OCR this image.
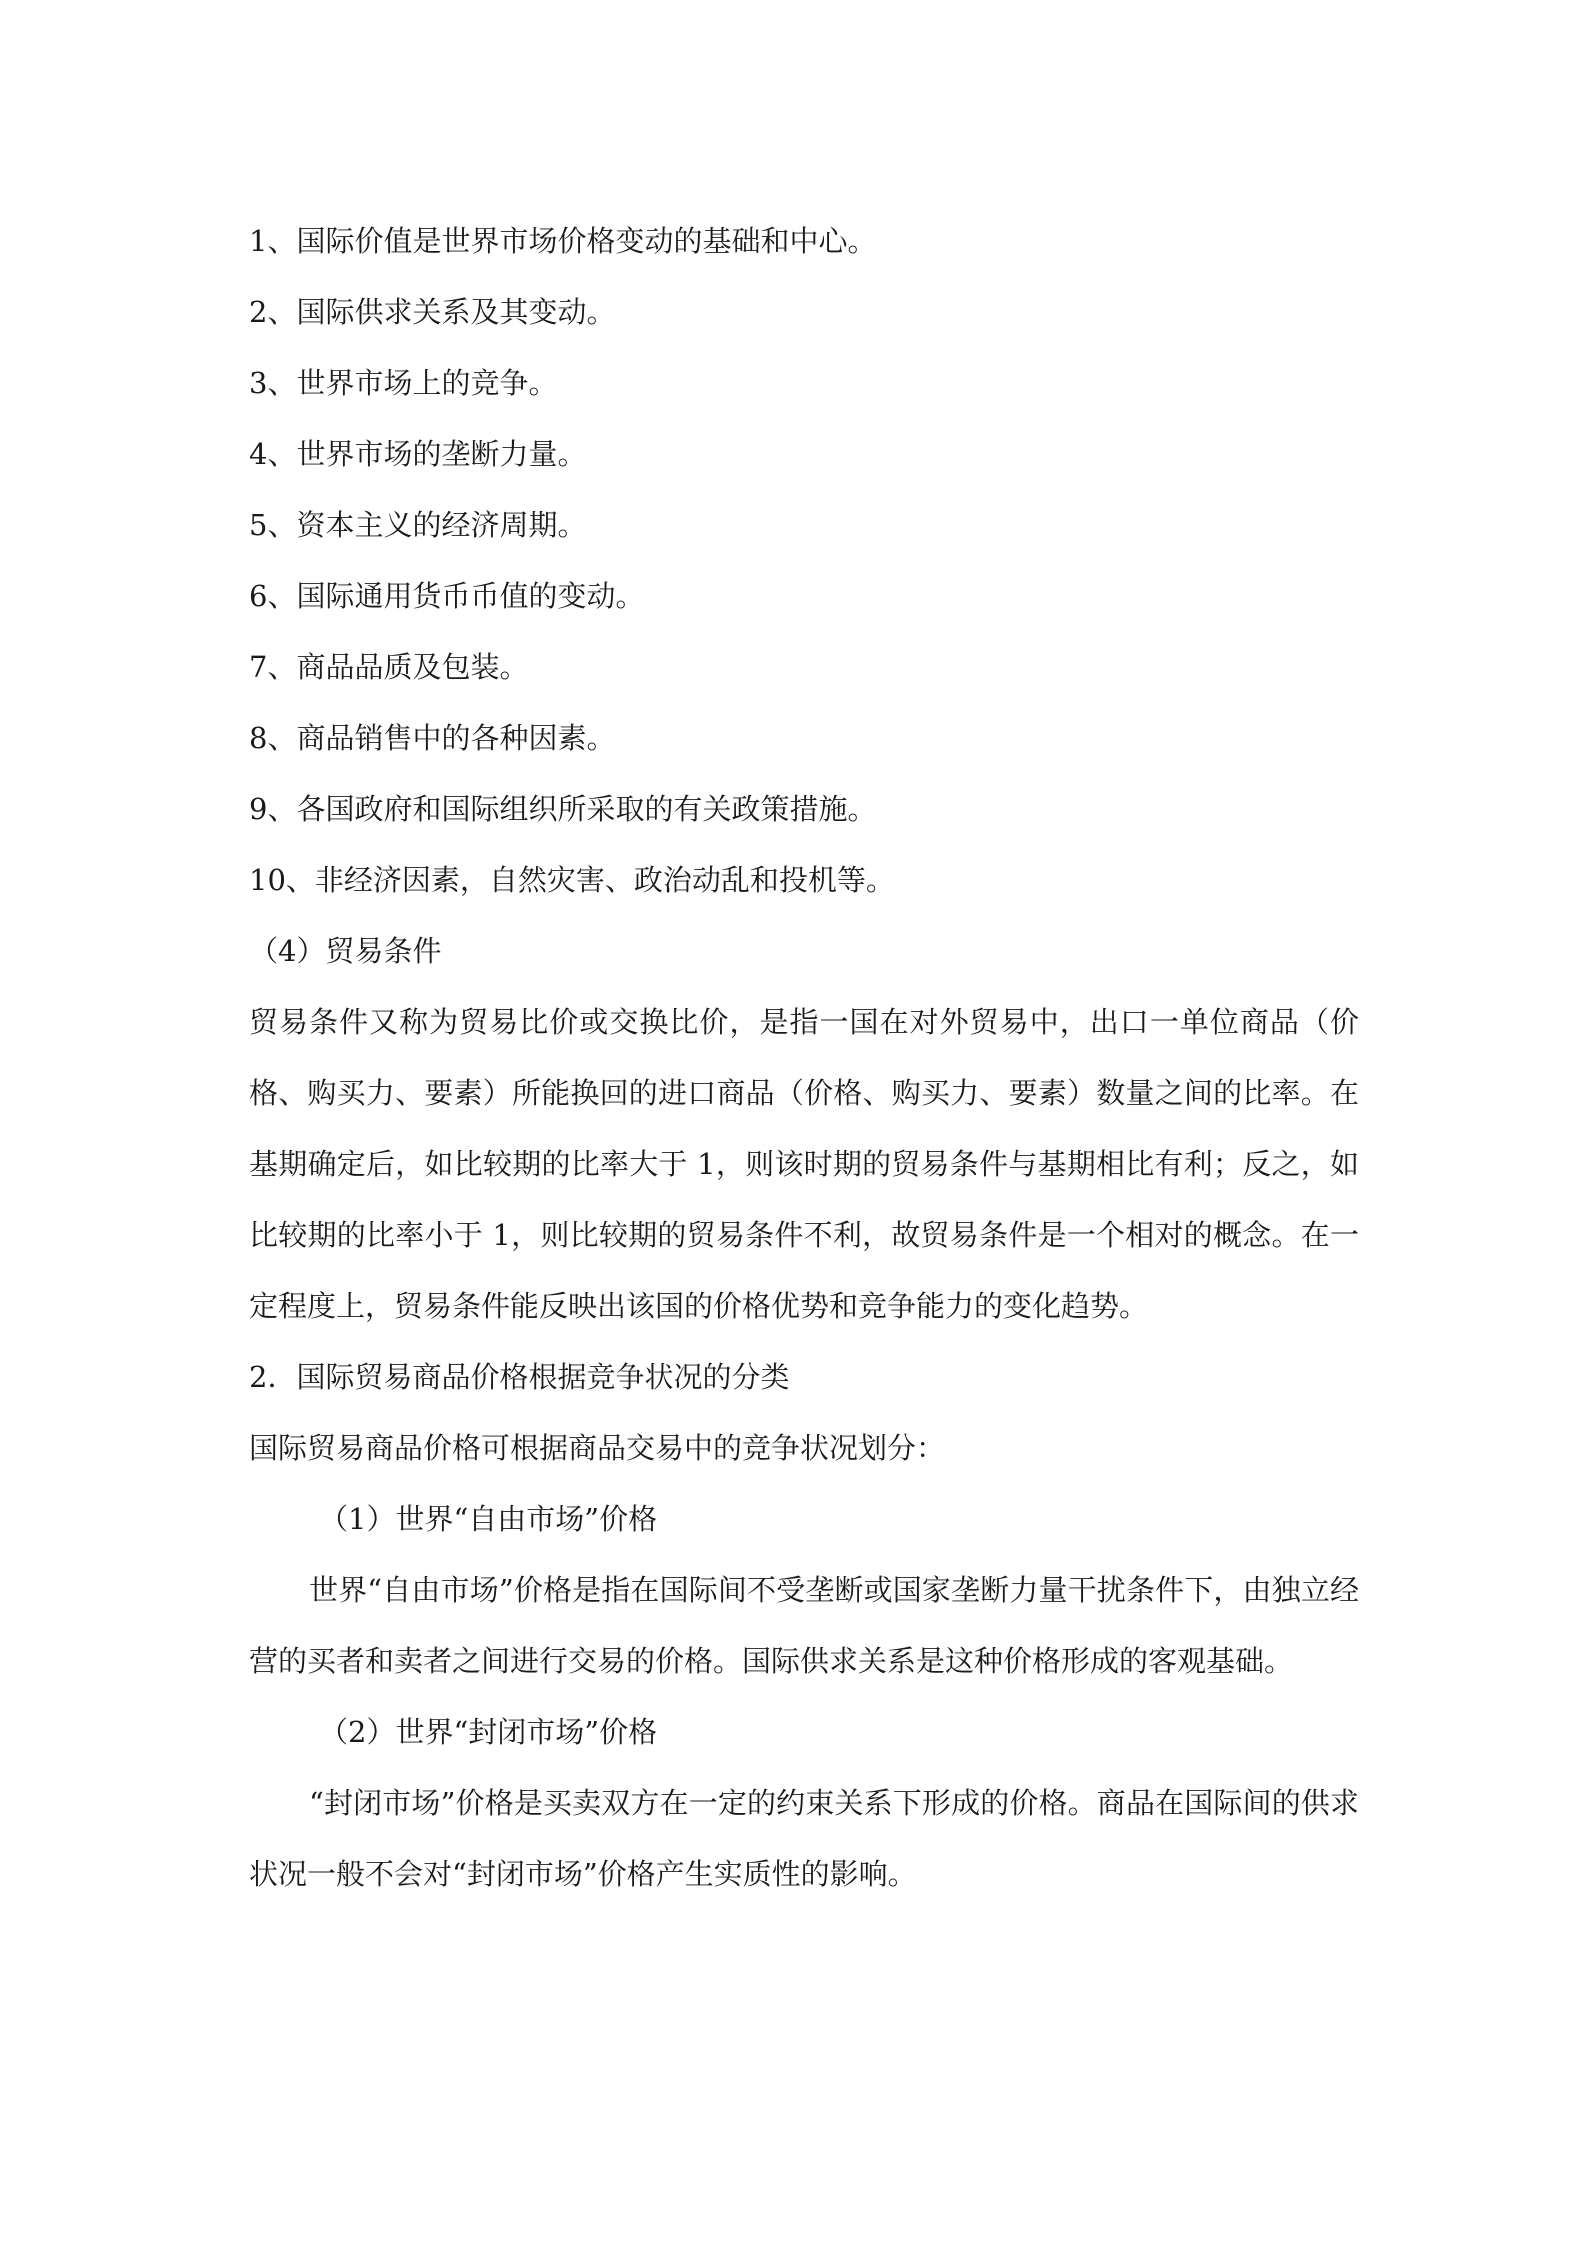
1、国际价值是世界市场价格变动的基础和中心。

2、国际供求关系及其变动。

3、世界市场上的竞争。

4、世界市场的垄断力量。

5、资本主义的经济周期。

6、国际通用货币币值的变动。

7、商品品质及包装。

8、商品销售中的各种因素。

9、各国政府和国际组织所采取的有关政策措施。

10、非经济因素，自然灾害、政治动乱和投机等。

（4）贸易条件

贸易条件又称为贸易比价或交换比价，是指一国在对外贸易中，出口一单位商品（价格、购买力、要素）所能换回的进口商品（价格、购买力、要素）数量之间的比率。在基期确定后，如比较期的比率大于 1，则该时期的贸易条件与基期相比有利；反之，如比较期的比率小于 1，则比较期的贸易条件不利，故贸易条件是一个相对的概念。在一定程度上，贸易条件能反映出该国的价格优势和竞争能力的变化趋势。

2．国际贸易商品价格根据竞争状况的分类

国际贸易商品价格可根据商品交易中的竞争状况划分：

（1）世界“自由市场”价格

世界“自由市场”价格是指在国际间不受垄断或国家垄断力量干扰条件下，由独立经营的买者和卖者之间进行交易的价格。国际供求关系是这种价格形成的客观基础。

（2）世界“封闭市场”价格

“封闭市场”价格是买卖双方在一定的约束关系下形成的价格。商品在国际间的供求状况一般不会对“封闭市场”价格产生实质性的影响。
